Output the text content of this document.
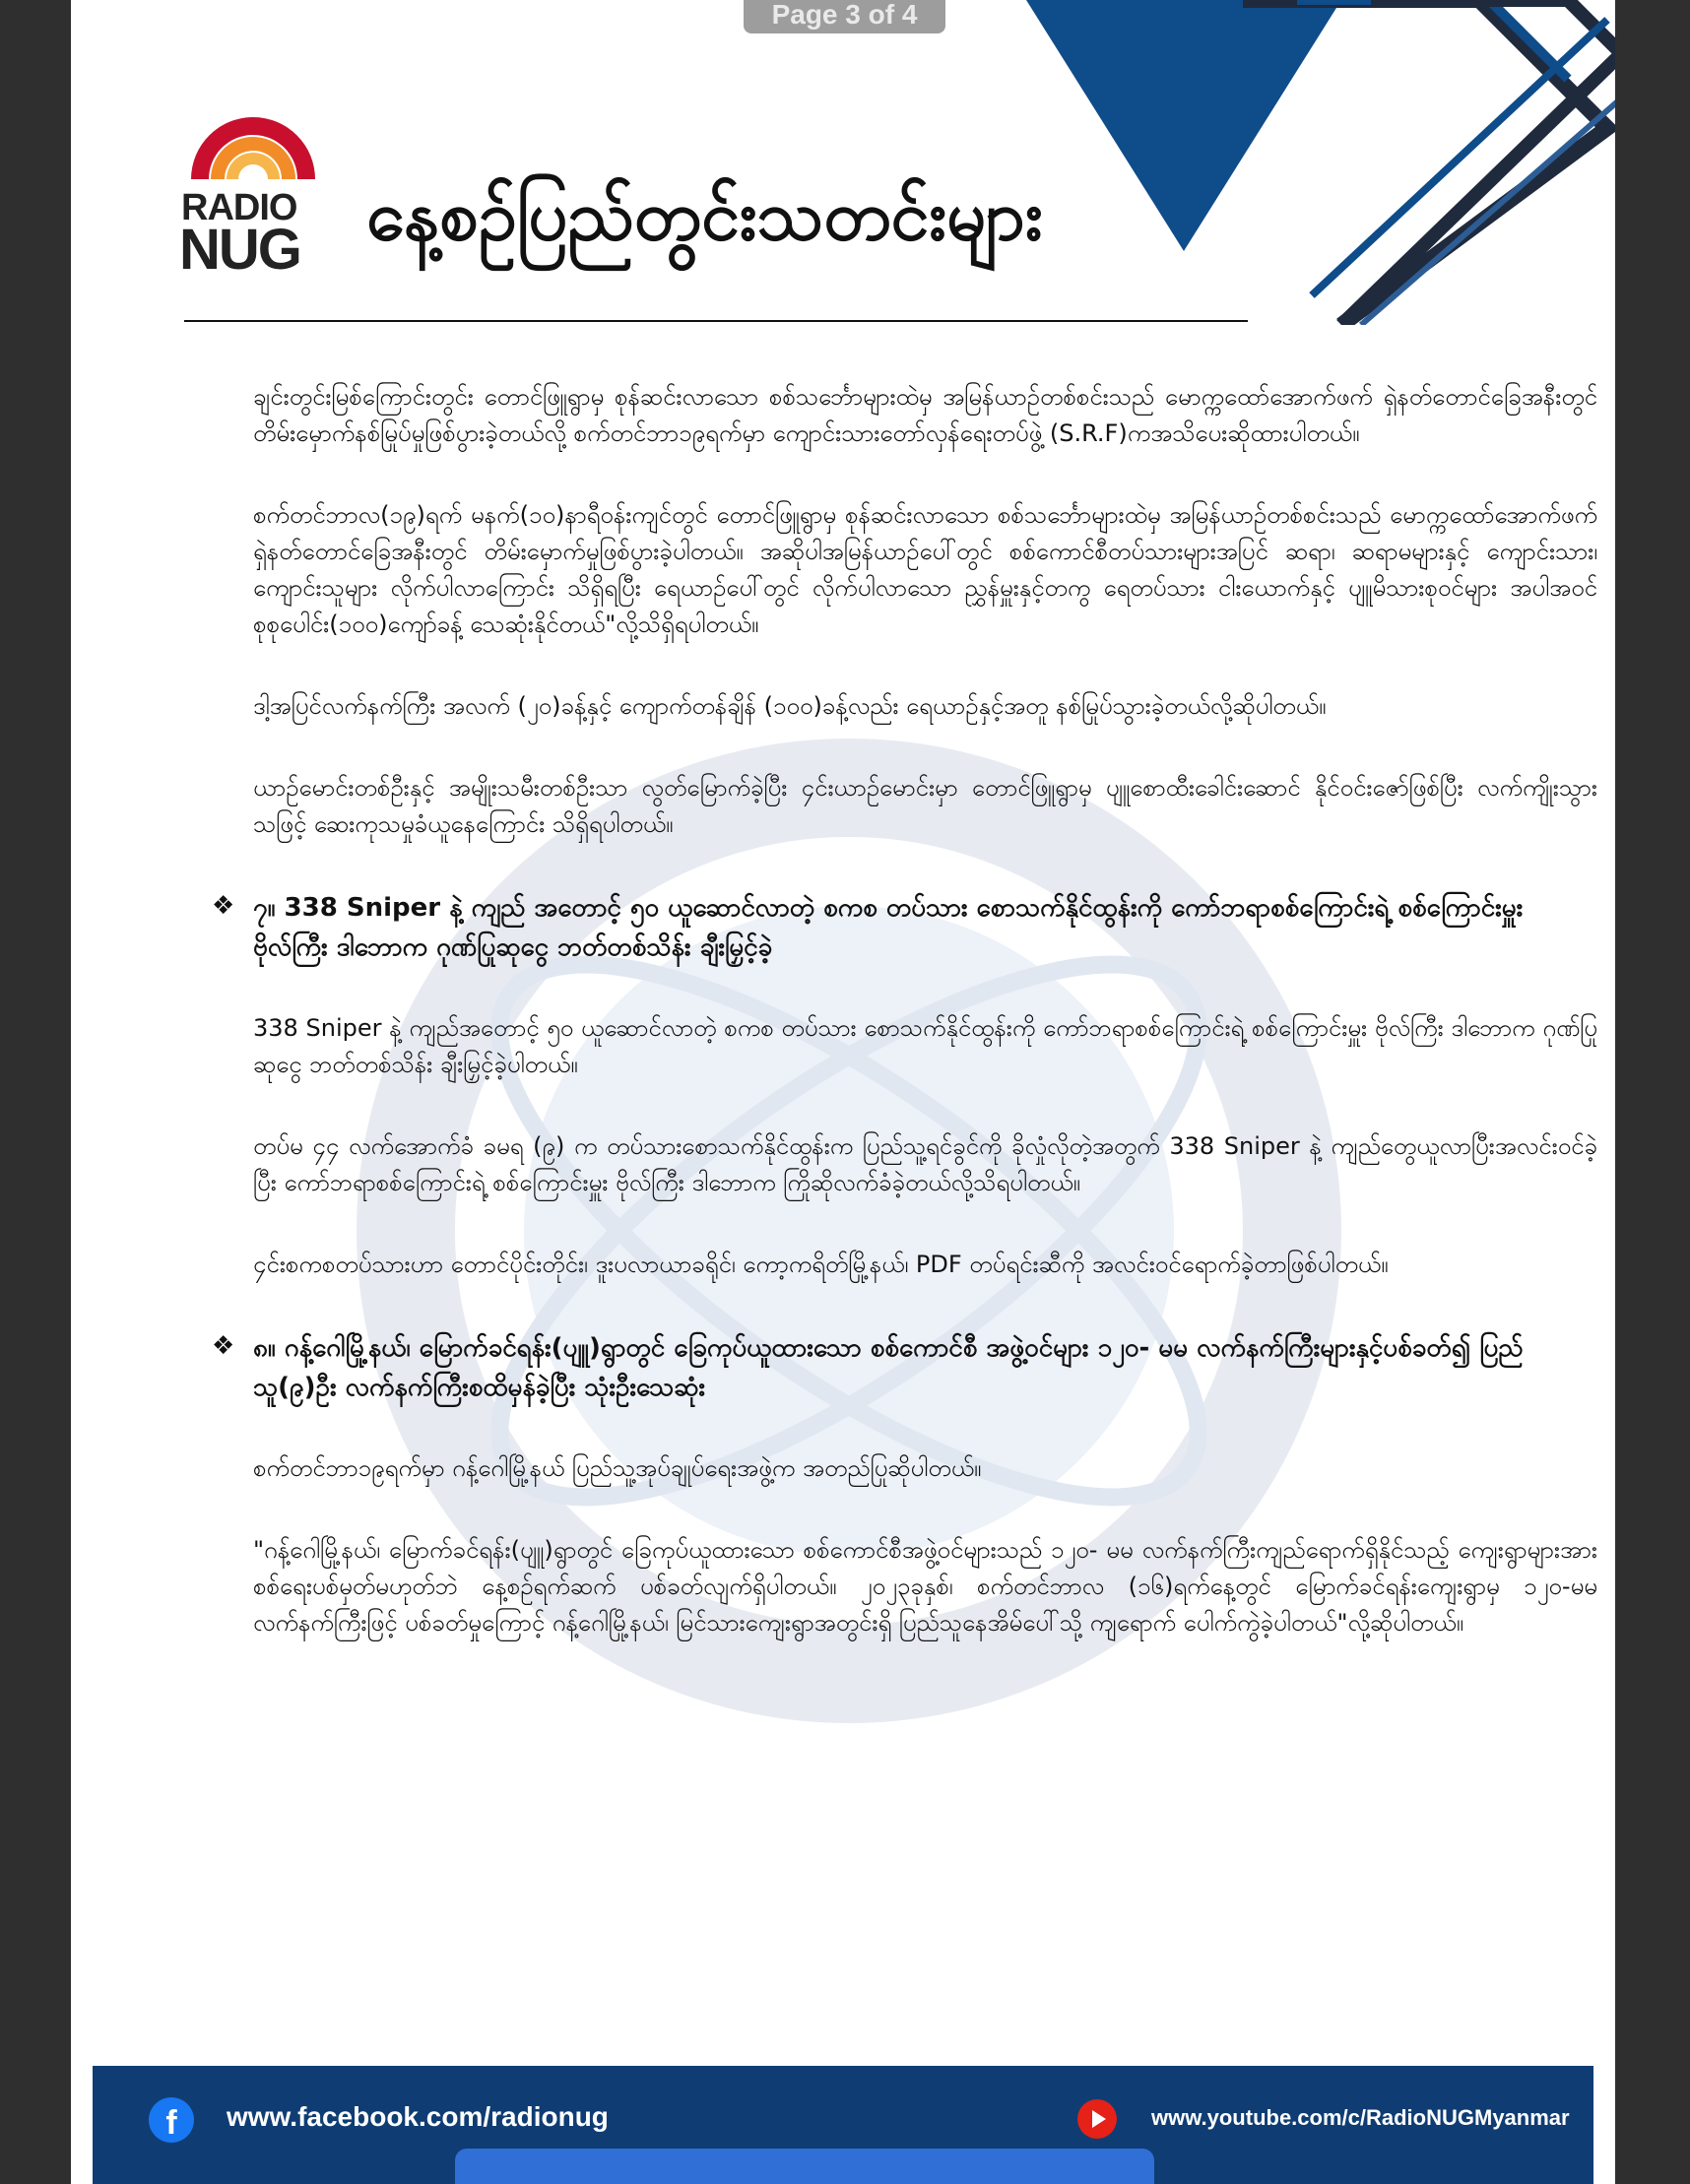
RADIO
NUG နေ့စဉ်ပြည်တွင်းသတင်းများ

ချင်းတွင်းမြစ်ကြောင်းတွင်း တောင်ဖြူရွာမှ စုန်ဆင်းလာသော စစ်သင်္ဘောများထဲမှ အမြန်ယာဉ်တစ်စင်းသည် မောက္ကထော်အောက်ဖက် ရှဲနတ်တောင်ခြေအနီးတွင် တိမ်းမှောက်နစ်မြုပ်မှုဖြစ်ပွားခဲ့တယ်လို့ စက်တင်ဘာ၁၉ရက်မှာ ကျောင်းသားတော်လှန်ရေးတပ်ဖွဲ့ (S.R.F)ကအသိပေးဆိုထားပါတယ်။

စက်တင်ဘာလ(၁၉)ရက် မနက်(၁၀)နာရီဝန်းကျင်တွင် တောင်ဖြူရွာမှ စုန်ဆင်းလာသော စစ်သင်္ဘောများထဲမှ အမြန်ယာဉ်တစ်စင်းသည် မောက္ကထော်အောက်ဖက် ရှဲနတ်တောင်ခြေအနီးတွင် တိမ်းမှောက်မှုဖြစ်ပွားခဲ့ပါတယ်။ အဆိုပါအမြန်ယာဉ်ပေါ်တွင် စစ်ကောင်စီတပ်သားများအပြင် ဆရာ၊ ဆရာမများနှင့် ကျောင်းသား၊ ကျောင်းသူများ လိုက်ပါလာကြောင်း သိရှိရပြီး ရေယာဉ်ပေါ်တွင် လိုက်ပါလာသော ညွှန်မှူးနှင့်တကွ ရေတပ်သား ငါးယောက်နှင့် ပျူမိသားစုဝင်များ အပါအဝင် စုစုပေါင်း(၁၀၀)ကျော်ခန့် သေဆုံးနိုင်တယ်"လို့သိရှိရပါတယ်။

ဒါ့အပြင်လက်နက်ကြီး အလက် (၂၀)ခန့်နှင့် ကျောက်တန်ချိန် (၁၀၀)ခန့်လည်း ရေယာဉ်နှင့်အတူ နစ်မြုပ်သွားခဲ့တယ်လို့ဆိုပါတယ်။

ယာဉ်မောင်းတစ်ဦးနှင့် အမျိုးသမီးတစ်ဦးသာ လွတ်မြောက်ခဲ့ပြီး ၄င်းယာဉ်မောင်းမှာ တောင်ဖြူရွာမှ ပျူစောထီးခေါင်းဆောင် နိုင်ဝင်းဇော်ဖြစ်ပြီး လက်ကျိုးသွားသဖြင့် ဆေးကုသမှုခံယူနေကြောင်း သိရှိရပါတယ်။

❖ ၇။ 338 Sniper နဲ့ ကျည် အတောင့် ၅၀ ယူဆောင်လာတဲ့ စကစ တပ်သား စောသက်နိုင်ထွန်းကို ကော်ဘရာစစ်ကြောင်းရဲ့ စစ်ကြောင်းမှူး ဗိုလ်ကြီး ဒါဘောက ဂုဏ်ပြုဆုငွေ ဘတ်တစ်သိန်း ချီးမြှင့်ခဲ့

338 Sniper နဲ့ ကျည်အတောင့် ၅၀ ယူဆောင်လာတဲ့ စကစ တပ်သား စောသက်နိုင်ထွန်းကို ကော်ဘရာစစ်ကြောင်းရဲ့ စစ်ကြောင်းမှူး ဗိုလ်ကြီး ဒါဘောက ဂုဏ်ပြုဆုငွေ ဘတ်တစ်သိန်း ချီးမြှင့်ခဲ့ပါတယ်။

တပ်မ ၄၄ လက်အောက်ခံ ခမရ (၉) က တပ်သားစောသက်နိုင်ထွန်းက ပြည်သူ့ရင်ခွင်ကို ခိုလှုံလိုတဲ့အတွက် 338 Sniper နဲ့ ကျည်တွေယူလာပြီးအလင်းဝင်ခဲ့ပြီး ကော်ဘရာစစ်ကြောင်းရဲ့ စစ်ကြောင်းမှူး ဗိုလ်ကြီး ဒါဘောက ကြိုဆိုလက်ခံခဲ့တယ်လို့သိရပါတယ်။

၄င်းစကစတပ်သားဟာ တောင်ပိုင်းတိုင်း၊ ဒူးပလာယာခရိုင်၊ ကော့ကရိတ်မြို့နယ်၊ PDF တပ်ရင်းဆီကို အလင်းဝင်ရောက်ခဲ့တာဖြစ်ပါတယ်။

❖ ၈။ ဂန့်ဂေါမြို့နယ်၊ မြောက်ခင်ရန်း(ပျူ)ရွာတွင် ခြေကုပ်ယူထားသော စစ်ကောင်စီ အဖွဲ့ဝင်များ ၁၂၀- မမ လက်နက်ကြီးများနှင့်ပစ်ခတ်၍ ပြည်သူ(၉)ဦး လက်နက်ကြီးစထိမှန်ခဲ့ပြီး သုံးဦးသေဆုံး

စက်တင်ဘာ၁၉ရက်မှာ ဂန့်ဂေါမြို့နယ် ပြည်သူ့အုပ်ချုပ်ရေးအဖွဲ့က အတည်ပြုဆိုပါတယ်။

"ဂန့်ဂေါမြို့နယ်၊ မြောက်ခင်ရန်း(ပျူ)ရွာတွင် ခြေကုပ်ယူထားသော စစ်ကောင်စီအဖွဲ့ဝင်များသည် ၁၂၀- မမ လက်နက်ကြီးကျည်ရောက်ရှိနိုင်သည့် ကျေးရွာများအား စစ်ရေးပစ်မှတ်မဟုတ်ဘဲ နေ့စဉ်ရက်ဆက် ပစ်ခတ်လျက်ရှိပါတယ်။ ၂၀၂၃ခုနှစ်၊ စက်တင်ဘာလ (၁၆)ရက်နေ့တွင် မြောက်ခင်ရန်းကျေးရွာမှ ၁၂၀-မမ လက်နက်ကြီးဖြင့် ပစ်ခတ်မှုကြောင့် ဂန့်ဂေါမြို့နယ်၊ မြင်သားကျေးရွာအတွင်းရှိ ပြည်သူနေအိမ်ပေါ်သို့ ကျရောက် ပေါက်ကွဲခဲ့ပါတယ်"လို့ဆိုပါတယ်။

f	www.facebook.com/radionug	www.youtube.com/c/RadioNUGMyanmar
Page 3 of 4
